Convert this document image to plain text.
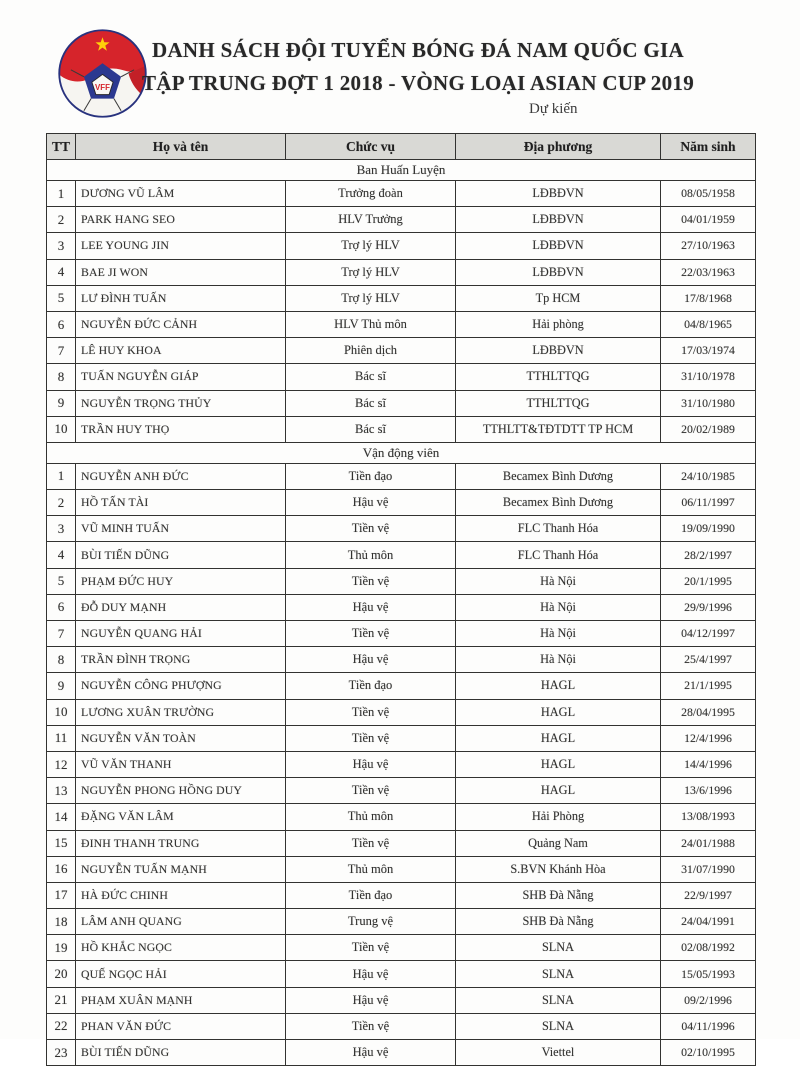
VFF
DANH SÁCH ĐỘI TUYỂN BÓNG ĐÁ NAM QUỐC GIA
TẬP TRUNG ĐỢT 1 2018 - VÒNG LOẠI ASIAN CUP 2019
Dự kiến
TT	Họ và tên	Chức vụ	Địa phương	Năm sinh
Ban Huấn Luyện				
1	DƯƠNG VŨ LÂM	Trưởng đoàn	LĐBĐVN	08/05/1958
2	PARK HANG SEO	HLV Trưởng	LĐBĐVN	04/01/1959
3	LEE YOUNG JIN	Trợ lý HLV	LĐBĐVN	27/10/1963
4	BAE JI WON	Trợ lý HLV	LĐBĐVN	22/03/1963
5	LƯ ĐÌNH TUẤN	Trợ lý HLV	Tp HCM	17/8/1968
6	NGUYỄN ĐỨC CẢNH	HLV Thủ môn	Hải phòng	04/8/1965
7	LÊ HUY KHOA	Phiên dịch	LĐBĐVN	17/03/1974
8	TUẤN NGUYỄN GIÁP	Bác sĩ	TTHLTTQG	31/10/1978
9	NGUYỄN TRỌNG THỦY	Bác sĩ	TTHLTTQG	31/10/1980
10	TRẦN HUY THỌ	Bác sĩ	TTHLTT&TĐTDTT TP HCM	20/02/1989
Vận động viên				
1	NGUYỄN ANH ĐỨC	Tiền đạo	Becamex Bình Dương	24/10/1985
2	HỒ TẤN TÀI	Hậu vệ	Becamex Bình Dương	06/11/1997
3	VŨ MINH TUẤN	Tiền vệ	FLC Thanh Hóa	19/09/1990
4	BÙI TIẾN DŨNG	Thủ môn	FLC Thanh Hóa	28/2/1997
5	PHẠM ĐỨC HUY	Tiền vệ	Hà Nội	20/1/1995
6	ĐỖ DUY MẠNH	Hậu vệ	Hà Nội	29/9/1996
7	NGUYỄN QUANG HẢI	Tiền vệ	Hà Nội	04/12/1997
8	TRẦN ĐÌNH TRỌNG	Hậu vệ	Hà Nội	25/4/1997
9	NGUYỄN CÔNG PHƯỢNG	Tiền đạo	HAGL	21/1/1995
10	LƯƠNG XUÂN TRƯỜNG	Tiền vệ	HAGL	28/04/1995
11	NGUYỄN VĂN TOÀN	Tiền vệ	HAGL	12/4/1996
12	VŨ VĂN THANH	Hậu vệ	HAGL	14/4/1996
13	NGUYỄN PHONG HỒNG DUY	Tiền vệ	HAGL	13/6/1996
14	ĐẶNG VĂN LÂM	Thủ môn	Hải Phòng	13/08/1993
15	ĐINH THANH TRUNG	Tiền vệ	Quảng Nam	24/01/1988
16	NGUYỄN TUẤN MẠNH	Thủ môn	S.BVN Khánh Hòa	31/07/1990
17	HÀ ĐỨC CHINH	Tiền đạo	SHB Đà Nẵng	22/9/1997
18	LÂM ANH QUANG	Trung vệ	SHB Đà Nẵng	24/04/1991
19	HỒ KHẮC NGỌC	Tiền vệ	SLNA	02/08/1992
20	QUẾ NGỌC HẢI	Hậu vệ	SLNA	15/05/1993
21	PHẠM XUÂN MẠNH	Hậu vệ	SLNA	09/2/1996
22	PHAN VĂN ĐỨC	Tiền vệ	SLNA	04/11/1996
23	BÙI TIẾN DŨNG	Hậu vệ	Viettel	02/10/1995
